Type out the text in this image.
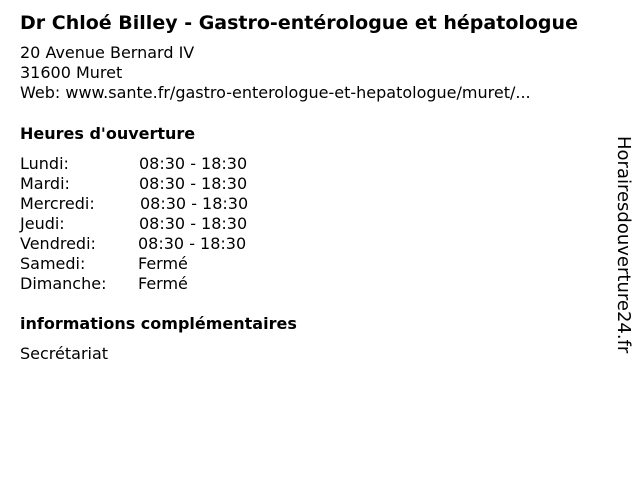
Dr Chloé Billey - Gastro-entérologue et hépatologue
20 Avenue Bernard IV
31600 Muret
Web: www.sante.fr/gastro-enterologue-et-hepatologue/muret/...
Heures d'ouverture
Lundi:	08:30 - 18:30
Mardi:	08:30 - 18:30
Mercredi:	08:30 - 18:30
Jeudi:	08:30 - 18:30
Vendredi:	08:30 - 18:30
Samedi:	Fermé
Dimanche: Fermé
informations complémentaires
Secrétariat
Horairesdouverture24.fr
